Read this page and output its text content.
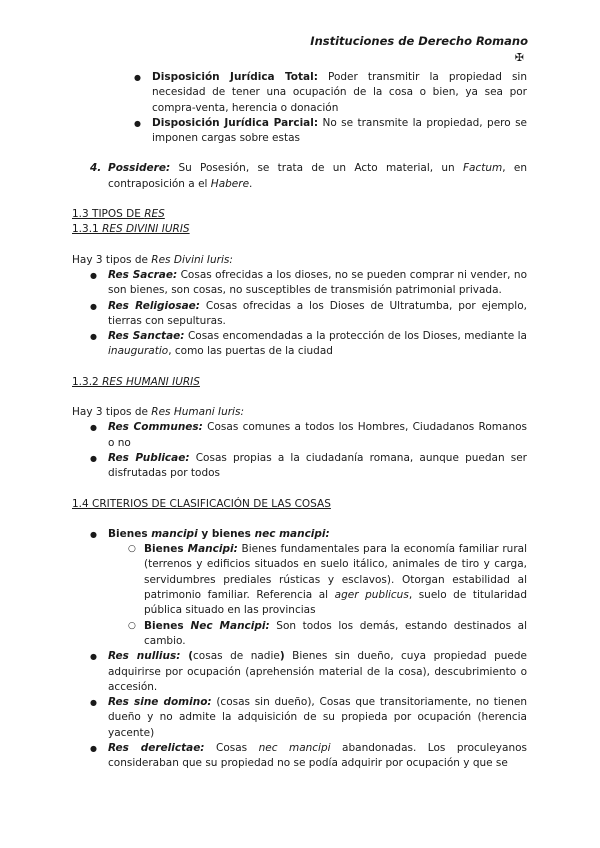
Instituciones de Derecho Romano
✠

● Disposición Jurídica Total: Poder transmitir la propiedad sin necesidad de tener una ocupación de la cosa o bien, ya sea por compra-venta, herencia o donación

● Disposición Jurídica Parcial: No se transmite la propiedad, pero se imponen cargas sobre estas

4. Possidere: Su Posesión, se trata de un Acto material, un Factum, en contraposición a el Habere.

1.3 TIPOS DE RES

1.3.1 RES DIVINI IURIS

Hay 3 tipos de Res Divini Iuris:

● Res Sacrae: Cosas ofrecidas a los dioses, no se pueden comprar ni vender, no son bienes, son cosas, no susceptibles de transmisión patrimonial privada.

● Res Religiosae: Cosas ofrecidas a los Dioses de Ultratumba, por ejemplo, tierras con sepulturas.

● Res Sanctae: Cosas encomendadas a la protección de los Dioses, mediante la inauguratio, como las puertas de la ciudad

1.3.2 RES HUMANI IURIS

Hay 3 tipos de Res Humani Iuris:

● Res Communes: Cosas comunes a todos los Hombres, Ciudadanos Romanos o no

● Res Publicae: Cosas propias a la ciudadanía romana, aunque puedan ser disfrutadas por todos

1.4 CRITERIOS DE CLASIFICACIÓN DE LAS COSAS

● Bienes mancipi y bienes nec mancipi:

○ Bienes Mancipi: Bienes fundamentales para la economía familiar rural (terrenos y edificios situados en suelo itálico, animales de tiro y carga, servidumbres prediales rústicas y esclavos). Otorgan estabilidad al patrimonio familiar. Referencia al ager publicus, suelo de titularidad pública situado en las provincias

○ Bienes Nec Mancipi: Son todos los demás, estando destinados al cambio.

● Res nullius: (cosas de nadie) Bienes sin dueño, cuya propiedad puede adquirirse por ocupación (aprehensión material de la cosa), descubrimiento o accesión.

● Res sine domino: (cosas sin dueño), Cosas que transitoriamente, no tienen dueño y no admite la adquisición de su propieda por ocupación (herencia yacente)

● Res derelictae: Cosas nec mancipi abandonadas. Los proculeyanos consideraban que su propiedad no se podía adquirir por ocupación y que se
